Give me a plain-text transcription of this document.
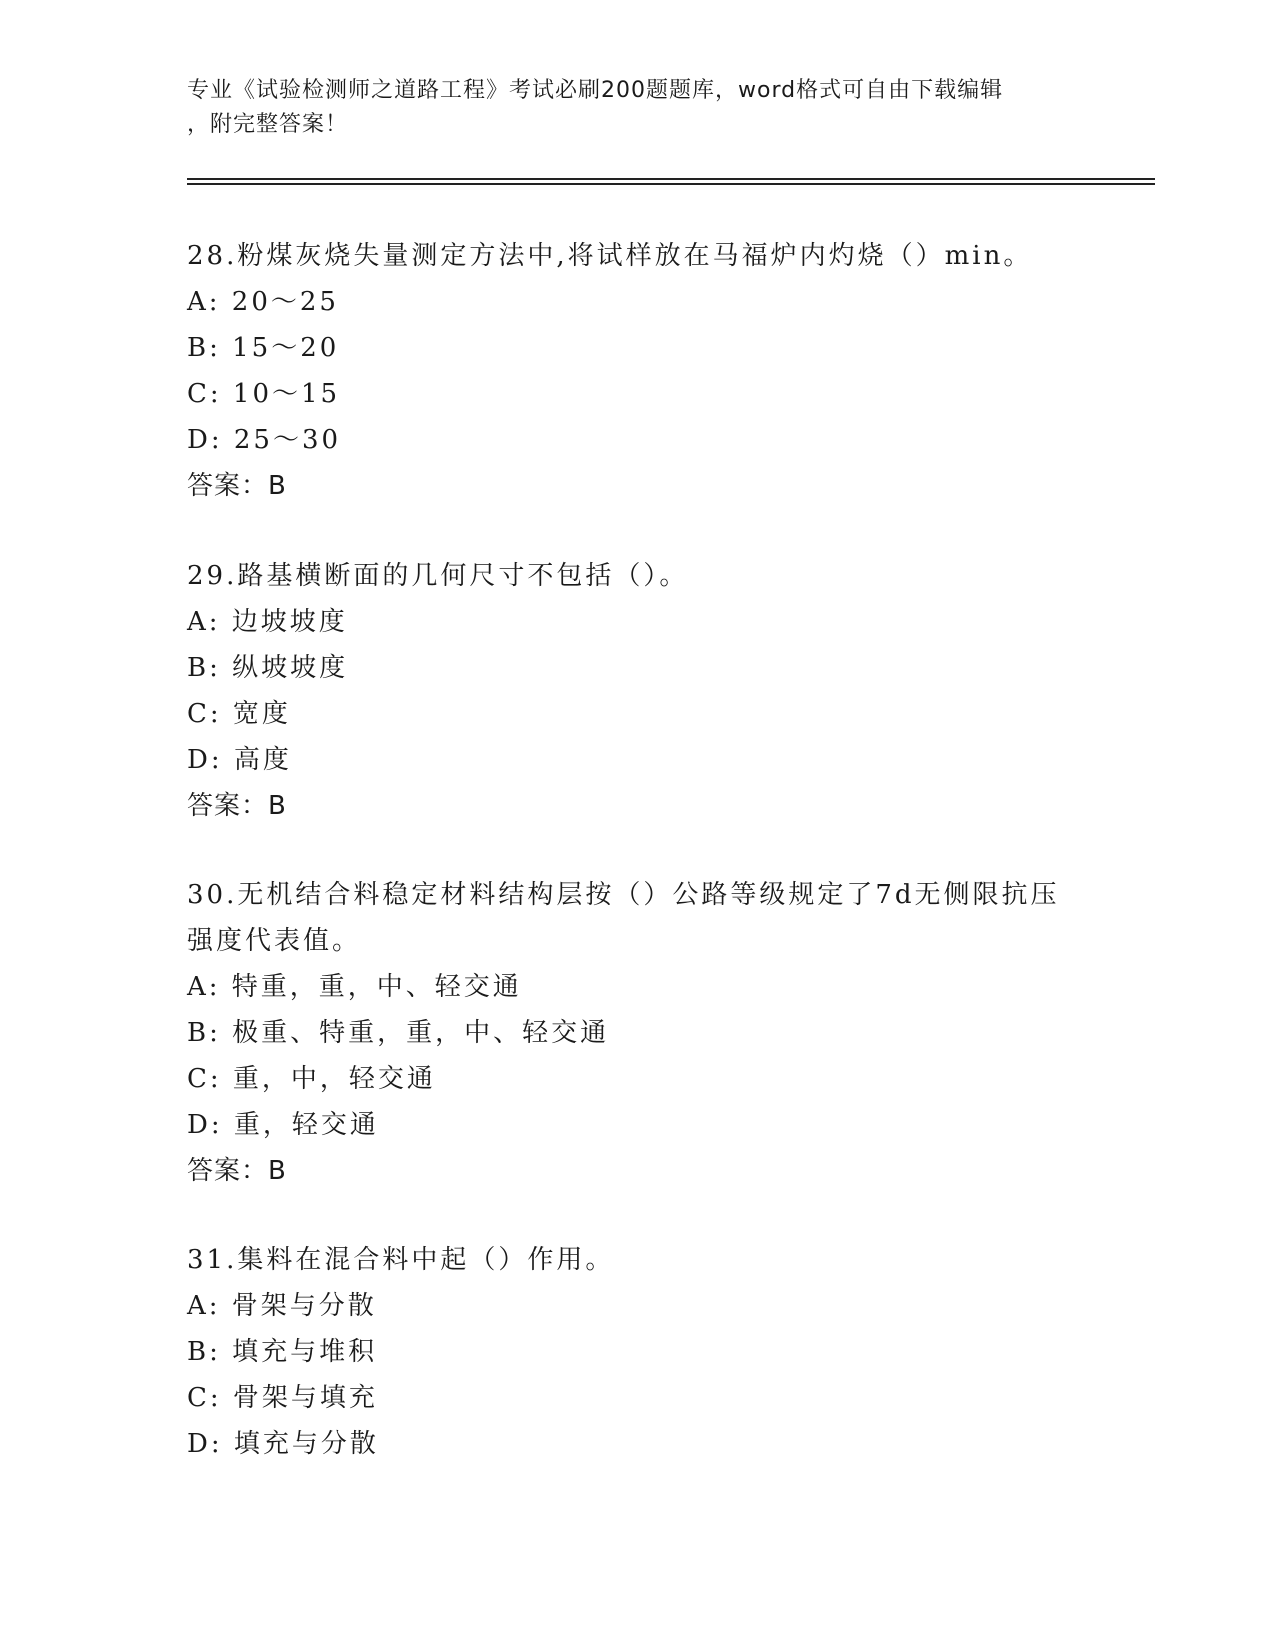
专业《试验检测师之道路工程》考试必刷200题题库，word格式可自由下载编辑
，附完整答案！

28.粉煤灰烧失量测定方法中,将试样放在马福炉内灼烧（）min。

A: 20～25

B: 15～20

C: 10～15

D: 25～30

答案：B

29.路基横断面的几何尺寸不包括（）。

A: 边坡坡度

B: 纵坡坡度

C: 宽度

D: 高度

答案：B

30.无机结合料稳定材料结构层按（）公路等级规定了7d无侧限抗压

强度代表值。

A: 特重，重，中、轻交通

B: 极重、特重，重，中、轻交通

C: 重，中，轻交通

D: 重，轻交通

答案：B

31.集料在混合料中起（）作用。

A: 骨架与分散

B: 填充与堆积

C: 骨架与填充

D: 填充与分散
